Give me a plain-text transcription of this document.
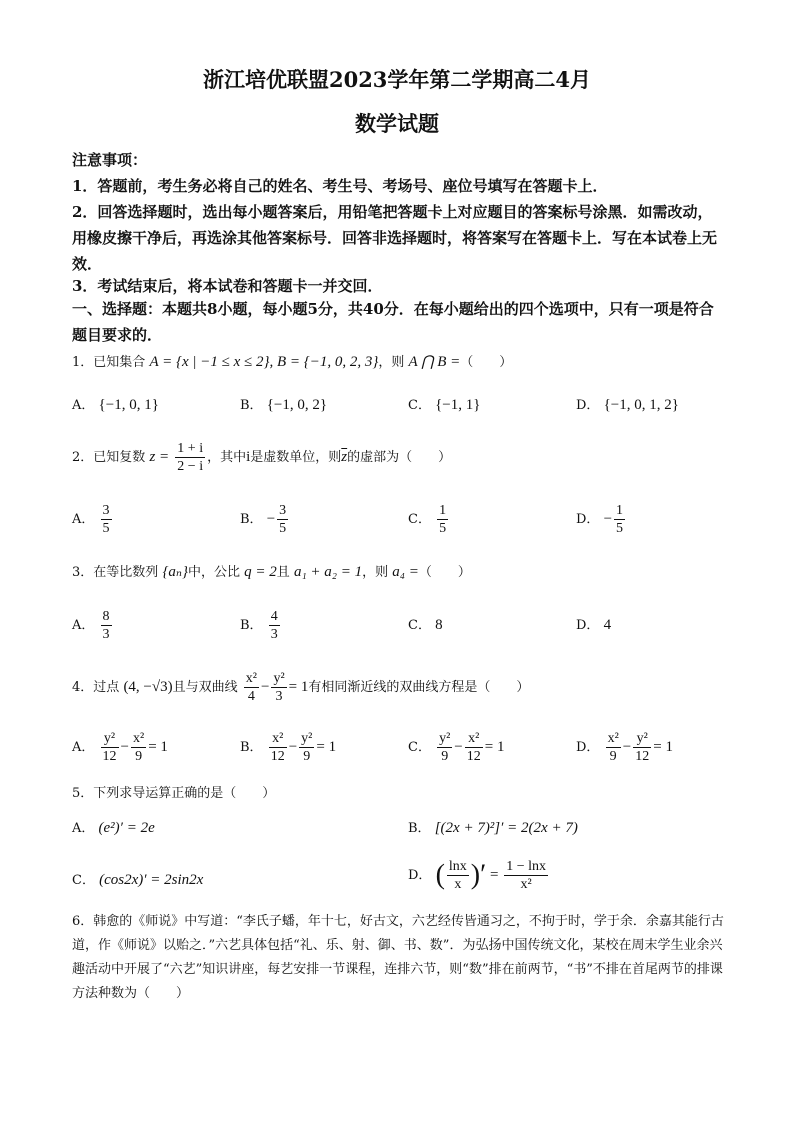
浙江培优联盟2023学年第二学期高二4月
数学试题
注意事项：
1．答题前，考生务必将自己的姓名、考生号、考场号、座位号填写在答题卡上．
2．回答选择题时，选出每小题答案后，用铅笔把答题卡上对应题目的答案标号涂黑．如需改动，用橡皮擦干净后，再选涂其他答案标号．回答非选择题时，将答案写在答题卡上．写在本试卷上无效．
3．考试结束后，将本试卷和答题卡一并交回．
一、选择题：本题共8小题，每小题5分，共40分．在每小题给出的四个选项中，只有一项是符合题目要求的．
1．已知集合 A = {x | −1 ≤ x ≤ 2}, B = {−1, 0, 2, 3}，则 A ⋂ B =（　　）
A． {−1, 0, 1}	B． {−1, 0, 2}	C． {−1, 1}	D． {−1, 0, 1, 2}
2．已知复数 $z = \frac{1 + i}{2 - i}$ ，其中i是虚数单位，则$\overline{z}$的虚部为（　　）
A． $\frac{3}{5}$	B． − $\frac{3}{5}$	C． $\frac{1}{5}$	D． − $\frac{1}{5}$
3．在等比数列 {aₙ}中，公比 q = 2且 a₁ + a₂ = 1，则 a₄ =（　　）
A． $\frac{8}{3}$	B． $\frac{4}{3}$	C． 8	D． 4
4．过点 (4, −√3)且与双曲线 $\frac{\text{x²}}{4} - \frac{\text{y²}}{3} = 1$有相同渐近线的双曲线方程是（　　）
A． $\frac{\text{y²}}{12} - \frac{\text{x²}}{9} = 1$	B． $\frac{\text{x²}}{12} - \frac{\text{y²}}{9} = 1$	C． $\frac{\text{y²}}{9} - \frac{\text{x²}}{12} = 1$	D． $\frac{\text{x²}}{9} - \frac{\text{y²}}{12} = 1$
5．下列求导运算正确的是（　　）
A． (e²)′ = 2e	B． [(2x + 7)²]′ = 2(2x + 7)
C． (cos2x)′ = 2sin2x	D． ( $\frac{\ln x}{x}$ )′ = $\frac{1 - \ln x}{\text{x²}}$
6．韩愈的《师说》中写道：“李氏子蟠，年十七，好古文，六艺经传皆通习之，不拘于时，学于余．余嘉其能行古道，作《师说》以贻之．”六艺具体包括“礼、乐、射、御、书、数”．为弘扬中国传统文化，某校在周末学生业余兴趣活动中开展了“六艺”知识讲座，每艺安排一节课程，连排六节，则“数”排在前两节，“书”不排在首尾两节的排课方法种数为（　　）
